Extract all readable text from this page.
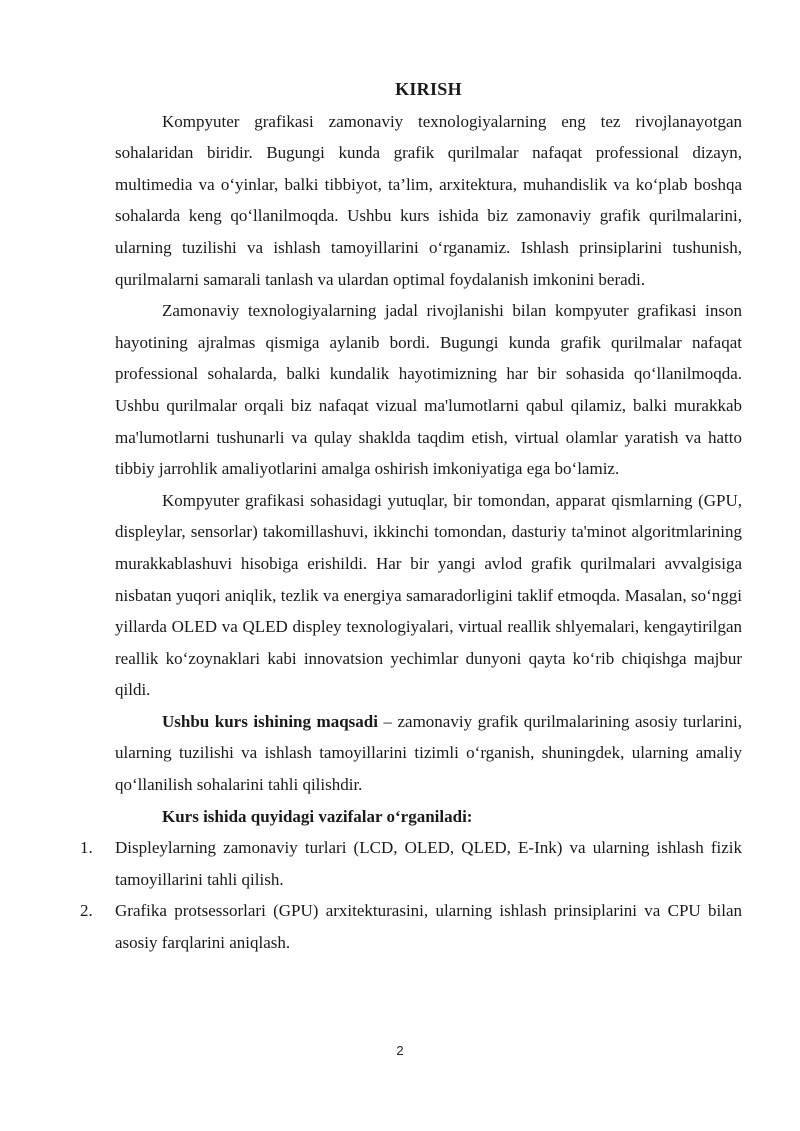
KIRISH

Kompyuter grafikasi zamonaviy texnologiyalarning eng tez rivojlanayotgan sohalaridan biridir. Bugungi kunda grafik qurilmalar nafaqat professional dizayn, multimedia va o‘yinlar, balki tibbiyot, ta’lim, arxitektura, muhandislik va ko‘plab boshqa sohalarda keng qo‘llanilmoqda. Ushbu kurs ishida biz zamonaviy grafik qurilmalarini, ularning tuzilishi va ishlash tamoyillarini o‘rganamiz. Ishlash prinsiplarini tushunish, qurilmalarni samarali tanlash va ulardan optimal foydalanish imkonini beradi.

Zamonaviy texnologiyalarning jadal rivojlanishi bilan kompyuter grafikasi inson hayotining ajralmas qismiga aylanib bordi. Bugungi kunda grafik qurilmalar nafaqat professional sohalarda, balki kundalik hayotimizning har bir sohasida qo‘llanilmoqda. Ushbu qurilmalar orqali biz nafaqat vizual ma'lumotlarni qabul qilamiz, balki murakkab ma'lumotlarni tushunarli va qulay shaklda taqdim etish, virtual olamlar yaratish va hatto tibbiy jarrohlik amaliyotlarini amalga oshirish imkoniyatiga ega bo‘lamiz.

Kompyuter grafikasi sohasidagi yutuqlar, bir tomondan, apparat qismlarning (GPU, displeylar, sensorlar) takomillashuvi, ikkinchi tomondan, dasturiy ta'minot algoritmlarining murakkablashuvi hisobiga erishildi. Har bir yangi avlod grafik qurilmalari avvalgisiga nisbatan yuqori aniqlik, tezlik va energiya samaradorligini taklif etmoqda. Masalan, so‘nggi yillarda OLED va QLED displey texnologiyalari, virtual reallik shlyemalari, kengaytirilgan reallik ko‘zoynaklari kabi innovatsion yechimlar dunyoni qayta ko‘rib chiqishga majbur qildi.

Ushbu kurs ishining maqsadi – zamonaviy grafik qurilmalarining asosiy turlarini, ularning tuzilishi va ishlash tamoyillarini tizimli o‘rganish, shuningdek, ularning amaliy qo‘llanilish sohalarini tahli qilishdir.

Kurs ishida quyidagi vazifalar o‘rganiladi:

1. Displeylarning zamonaviy turlari (LCD, OLED, QLED, E-Ink) va ularning ishlash fizik tamoyillarini tahli qilish.
2. Grafika protsessorlari (GPU) arxitekturasini, ularning ishlash prinsiplarini va CPU bilan asosiy farqlarini aniqlash.
2
